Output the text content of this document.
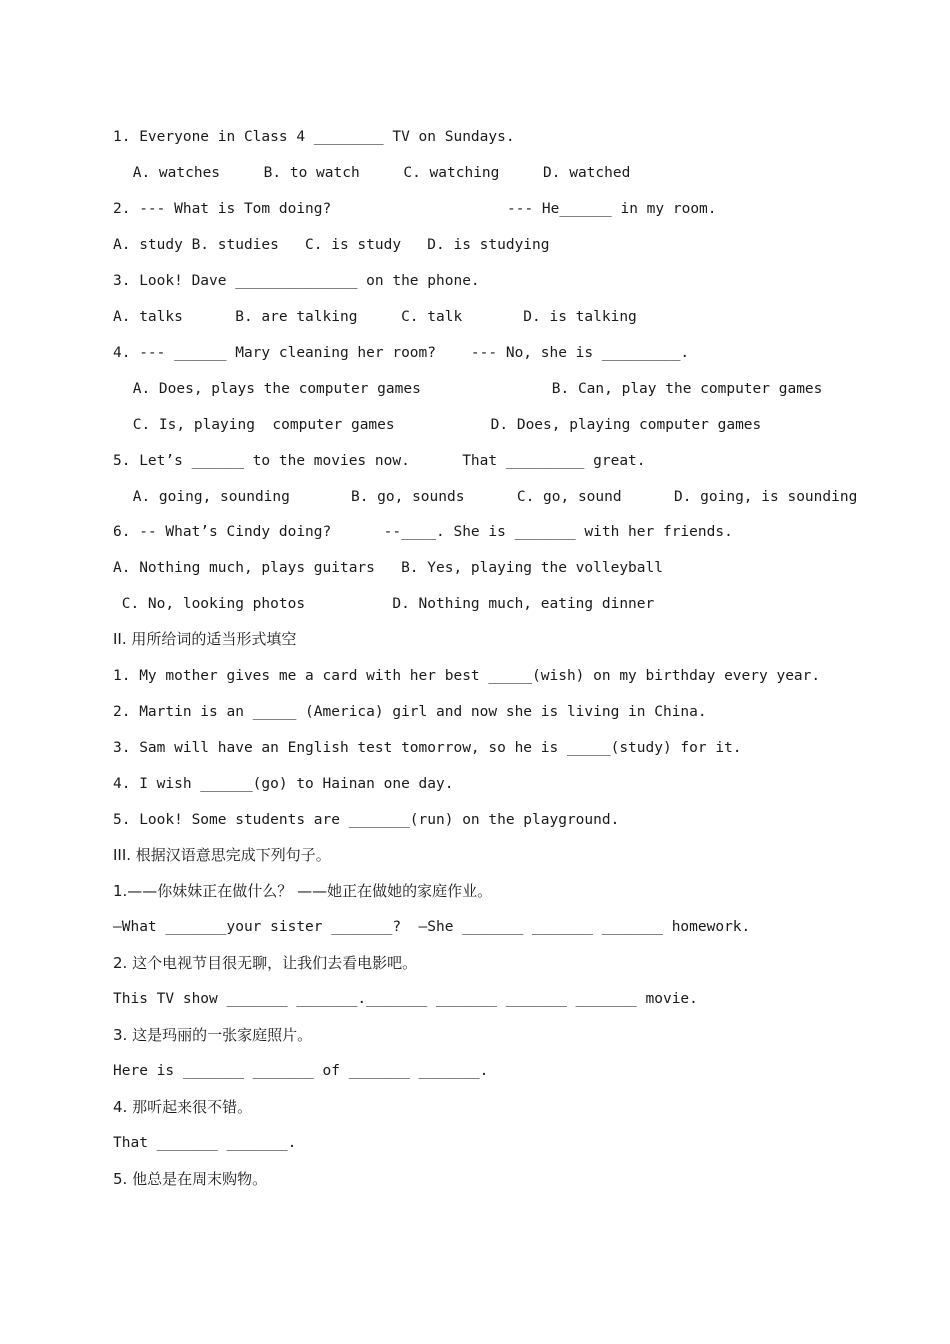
1. Everyone in Class 4 ________ TV on Sundays.
A. watches     B. to watch     C. watching     D. watched
2. --- What is Tom doing?	--- He______ in my room.
A. study B. studies   C. is study   D. is studying
3. Look! Dave ______________ on the phone.
A. talks      B. are talking     C. talk       D. is talking
4. --- ______ Mary cleaning her room?    --- No, she is _________.
A. Does, plays the computer games               B. Can, play the computer games
C. Is, playing  computer games           D. Does, playing computer games
5. Let’s ______ to the movies now.      That _________ great.
A. going, sounding       B. go, sounds      C. go, sound      D. going, is sounding
6. -- What’s Cindy doing?      --____. She is _______ with her friends.
A. Nothing much, plays guitars   B. Yes, playing the volleyball
C. No, looking photos          D. Nothing much, eating dinner
II. 用所给词的适当形式填空
1. My mother gives me a card with her best _____(wish) on my birthday every year.
2. Martin is an _____ (America) girl and now she is living in China.
3. Sam will have an English test tomorrow, so he is _____(study) for it.
4. I wish ______(go) to Hainan one day.
5. Look! Some students are _______(run) on the playground.
III. 根据汉语意思完成下列句子。
1.——你妹妹正在做什么？ ——她正在做她的家庭作业。
—What _______your sister _______?  —She _______ _______ _______ homework.
2. 这个电视节目很无聊，让我们去看电影吧。
This TV show _______ _______._______ _______ _______ _______ movie.
3. 这是玛丽的一张家庭照片。
Here is _______ _______ of _______ _______.
4. 那听起来很不错。
That _______ _______.
5. 他总是在周末购物。
